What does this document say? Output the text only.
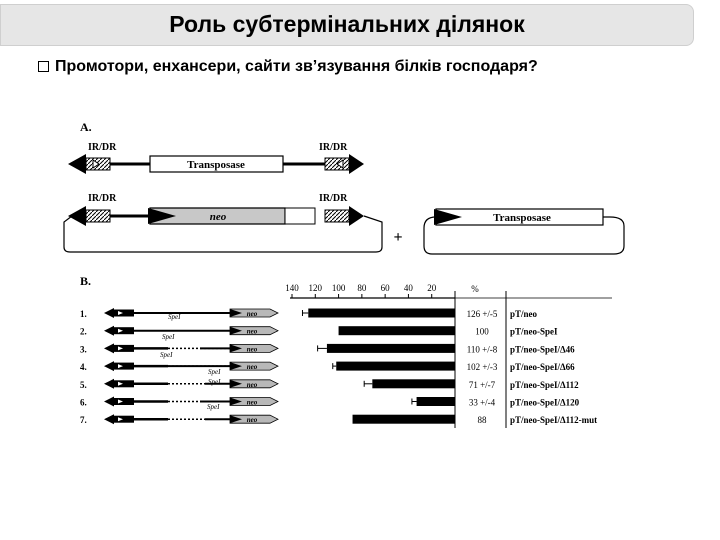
Роль субтермінальних ділянок
Промотори, енхансери, сайти зв’язування білків господаря?
A.
IR/DR	IR/DR
Transposase
IR/DR	IR/DR
neo
+
Transposase
B.	140 120 100 80 60 40 20	%
1.	neo	126 +/-5 pT/neo
2.	neo	100 pT/neo-SpeI
3.	neo	110 +/-8 pT/neo-SpeI/Δ46
4.	neo	102 +/-3 pT/neo-SpeI/Δ66
5.	neo	71 +/-7 pT/neo-SpeI/Δ112
6.	neo	33 +/-4 pT/neo-SpeI/Δ120
7.	neo	88	pT/neo-SpeI/Δ112-mut
SpeI
SpeI
SpeI
SpeI
SpeI
SpeI
